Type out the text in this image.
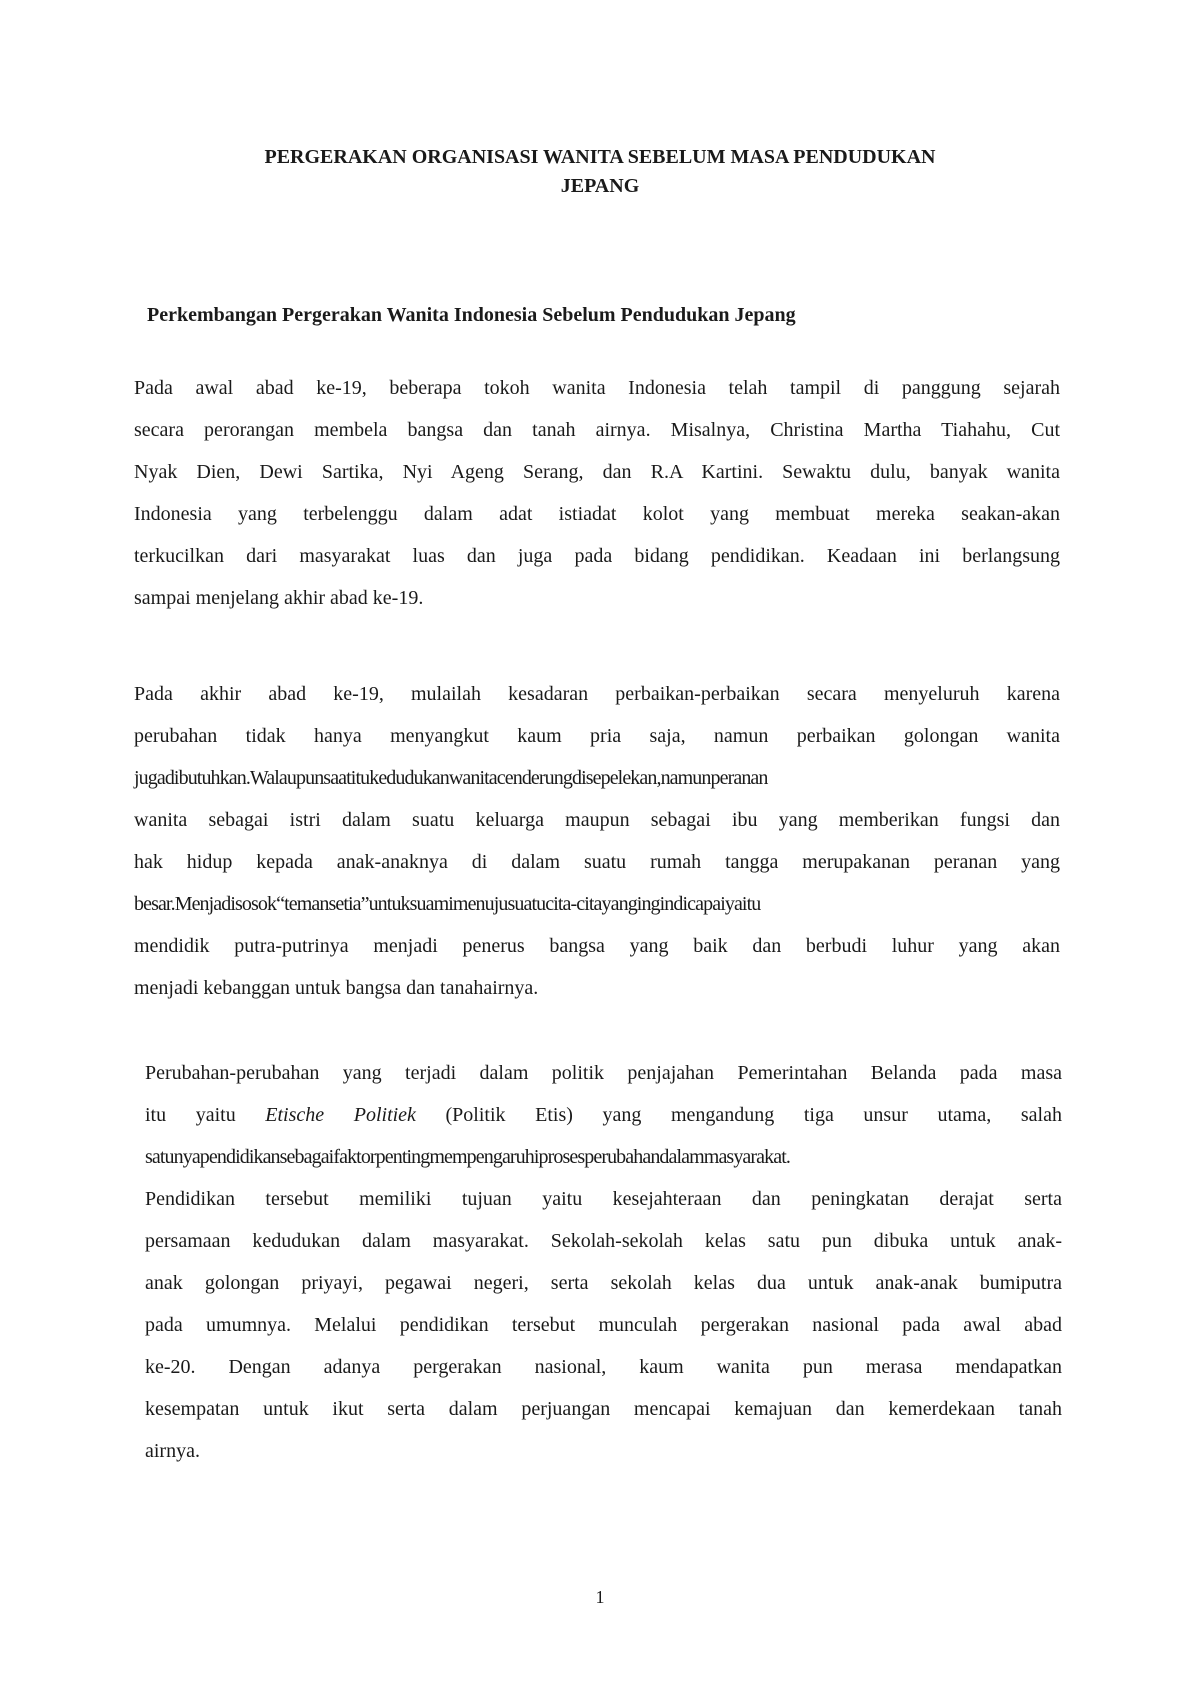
PERGERAKAN ORGANISASI WANITA SEBELUM MASA PENDUDUKAN
JEPANG
Perkembangan Pergerakan Wanita Indonesia Sebelum Pendudukan Jepang
Pada awal abad ke-19, beberapa tokoh wanita Indonesia telah tampil di panggung sejarah
secara perorangan membela bangsa dan tanah airnya. Misalnya, Christina Martha Tiahahu, Cut
Nyak Dien, Dewi Sartika, Nyi Ageng Serang, dan R.A Kartini. Sewaktu dulu, banyak wanita
Indonesia yang terbelenggu dalam adat istiadat kolot yang membuat mereka seakan-akan
terkucilkan dari masyarakat luas dan juga pada bidang pendidikan. Keadaan ini berlangsung
sampai menjelang akhir abad ke-19.
Pada akhir abad ke-19, mulailah kesadaran perbaikan-perbaikan secara menyeluruh karena
perubahan tidak hanya menyangkut kaum pria saja, namun perbaikan golongan wanita
jugadibutuhkan.Walaupunsaatitukedudukanwanitacenderungdisepelekan,namunperanan
wanita sebagai istri dalam suatu keluarga maupun sebagai ibu yang memberikan fungsi dan
hak hidup kepada anak-anaknya di dalam suatu rumah tangga merupakanan peranan yang
besar.Menjadisosok“temansetia”untuksuamimenujusuatucita-citayangingindicapaiyaitu
mendidik putra-putrinya menjadi penerus bangsa yang baik dan berbudi luhur yang akan
menjadi kebanggan untuk bangsa dan tanahairnya.
Perubahan-perubahan yang terjadi dalam politik penjajahan Pemerintahan Belanda pada masa
itu yaitu Etische Politiek (Politik Etis) yang mengandung tiga unsur utama, salah
satunyapendidikansebagaifaktorpentingmempengaruhiprosesperubahandalammasyarakat.
Pendidikan tersebut memiliki tujuan yaitu kesejahteraan dan peningkatan derajat serta
persamaan kedudukan dalam masyarakat. Sekolah-sekolah kelas satu pun dibuka untuk anak-
anak golongan priyayi, pegawai negeri, serta sekolah kelas dua untuk anak-anak bumiputra
pada umumnya. Melalui pendidikan tersebut munculah pergerakan nasional pada awal abad
ke-20. Dengan adanya pergerakan nasional, kaum wanita pun merasa mendapatkan
kesempatan untuk ikut serta dalam perjuangan mencapai kemajuan dan kemerdekaan tanah
airnya.
1
